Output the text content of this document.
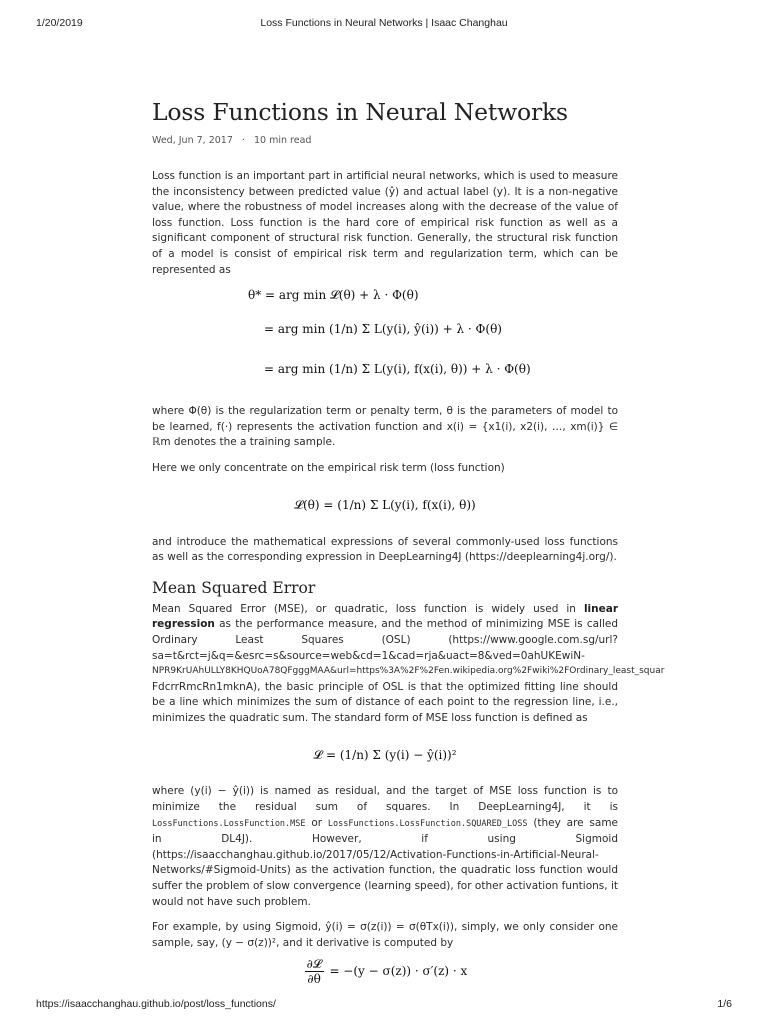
1/20/2019	Loss Functions in Neural Networks | Isaac Changhau
Loss Functions in Neural Networks
Wed, Jun 7, 2017 · 10 min read

Loss function is an important part in artificial neural networks, which is used to measure the inconsistency between predicted value (ŷ) and actual label (y). It is a non-negative value, where the robustness of model increases along with the decrease of the value of loss function. Loss function is the hard core of empirical risk function as well as a significant component of structural risk function. Generally, the structural risk function of a model is consist of empirical risk term and regularization term, which can be represented as

θ* = arg min 𝓛(θ) + λ · Φ(θ)
= arg min (1/n) Σ L(y(i), ŷ(i)) + λ · Φ(θ)
= arg min (1/n) Σ L(y(i), f(x(i), θ)) + λ · Φ(θ)

where Φ(θ) is the regularization term or penalty term, θ is the parameters of model to be learned, f(·) represents the activation function and x(i) = {x1(i), x2(i), …, xm(i)} ∈ ℝm denotes the a training sample.

Here we only concentrate on the empirical risk term (loss function)

𝓛(θ) = (1/n) Σ L(y(i), f(x(i), θ))

and introduce the mathematical expressions of several commonly-used loss functions as well as the corresponding expression in DeepLearning4J (https://deeplearning4j.org/).

Mean Squared Error

Mean Squared Error (MSE), or quadratic, loss function is widely used in linear regression as the performance measure, and the method of minimizing MSE is called Ordinary Least Squares (OSL) (https://www.google.com.sg/url?sa=t&rct=j&q=&esrc=s&source=web&cd=1&cad=rja&uact=8&ved=0ahUKEwiN-

NPR9KrUAhULLY8KHQUoA78QFgggMAA&url=https%3A%2F%2Fen.wikipedia.org%2Fwiki%2FOrdinary_least_squar

FdcrrRmcRn1mknA), the basic principle of OSL is that the optimized fitting line should be a line which minimizes the sum of distance of each point to the regression line, i.e., minimizes the quadratic sum. The standard form of MSE loss function is defined as

𝓛 = (1/n) Σ (y(i) − ŷ(i))²

where (y(i) − ŷ(i)) is named as residual, and the target of MSE loss function is to minimize the residual sum of squares. In DeepLearning4J, it is LossFunctions.LossFunction.MSE or LossFunctions.LossFunction.SQUARED_LOSS (they are same in DL4J). However, if using Sigmoid (https://isaacchanghau.github.io/2017/05/12/Activation-Functions-in-Artificial-Neural-Networks/#Sigmoid-Units) as the activation function, the quadratic loss function would suffer the problem of slow convergence (learning speed), for other activation funtions, it would not have such problem.

For example, by using Sigmoid, ŷ(i) = σ(z(i)) = σ(θTx(i)), simply, we only consider one sample, say, (y − σ(z))², and it derivative is computed by

$\frac{\text{∂𝓛}}{\partial\theta} = -(y - \sigma(z)) \cdot \sigma'(z) \cdot x$
https://isaacchanghau.github.io/post/loss_functions/	1/6
